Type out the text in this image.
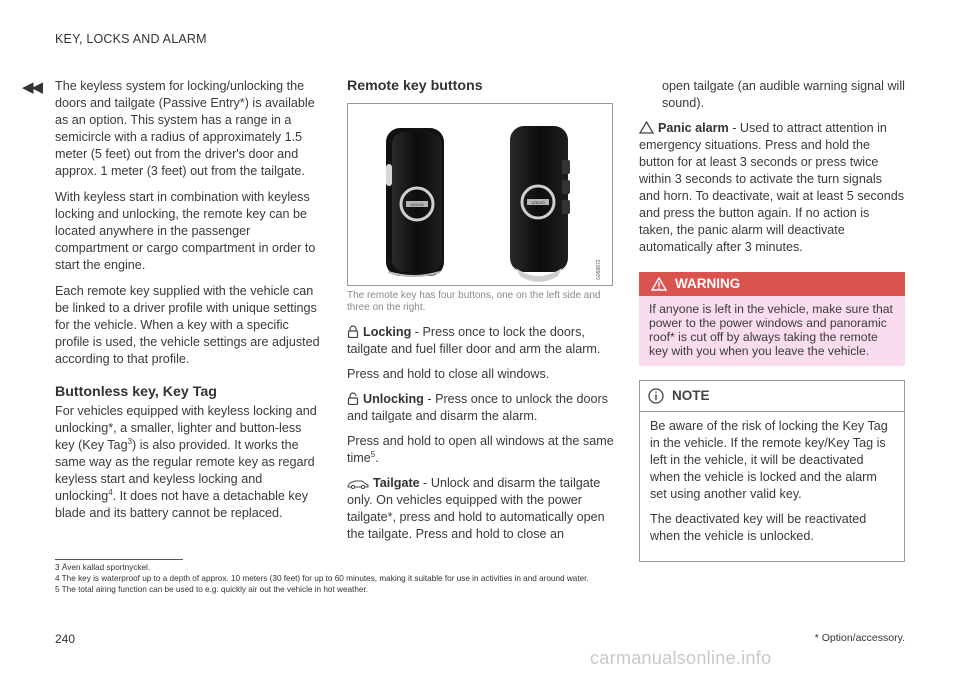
KEY, LOCKS AND ALARM
◀◀ The keyless system for locking/unlocking the doors and tailgate (Passive Entry*) is available as an option. This system has a range in a semicircle with a radius of approximately 1.5 meter (5 feet) out from the driver's door and approx. 1 meter (3 feet) out from the tailgate.

With keyless start in combination with keyless locking and unlocking, the remote key can be located anywhere in the passenger compartment or cargo compartment in order to start the engine.

Each remote key supplied with the vehicle can be linked to a driver profile with unique settings for the vehicle. When a key with a specific profile is used, the vehicle settings are adjusted according to that profile.

Buttonless key, Key Tag

For vehicles equipped with keyless locking and unlocking*, a smaller, lighter and button-less key (Key Tag$^3$) is also provided. It works the same way as the regular remote key as regard keyless start and keyless locking and unlocking$^4$. It does not have a detachable key blade and its battery cannot be replaced.

Remote key buttons
VOLVO	VOLVO
G058872
The remote key has four buttons, one on the left side and three on the right.
Locking - Press once to lock the doors, tailgate and fuel filler door and arm the alarm.
Press and hold to close all windows.
Unlocking - Press once to unlock the doors and tailgate and disarm the alarm.
Press and hold to open all windows at the same time$^5$.
Tailgate - Unlock and disarm the tailgate only. On vehicles equipped with the power tailgate*, press and hold to automatically open the tailgate. Press and hold to close an
open tailgate (an audible warning signal will sound).
Panic alarm - Used to attract attention in emergency situations. Press and hold the button for at least 3 seconds or press twice within 3 seconds to activate the turn signals and horn. To deactivate, wait at least 5 seconds and press the button again. If no action is taken, the panic alarm will deactivate automatically after 3 minutes.
WARNING
If anyone is left in the vehicle, make sure that power to the power windows and panoramic roof* is cut off by always taking the remote key with you when you leave the vehicle.
NOTE

Be aware of the risk of locking the Key Tag in the vehicle. If the remote key/Key Tag is left in the vehicle, it will be deactivated when the vehicle is locked and the alarm set using another valid key.

The deactivated key will be reactivated when the vehicle is unlocked.

3 Även kallad sportnyckel.
4 The key is waterproof up to a depth of approx. 10 meters (30 feet) for up to 60 minutes, making it suitable for use in activities in and around water.
5 The total airing function can be used to e.g. quickly air out the vehicle in hot weather.
240	* Option/accessory.
carmanualsonline.info
